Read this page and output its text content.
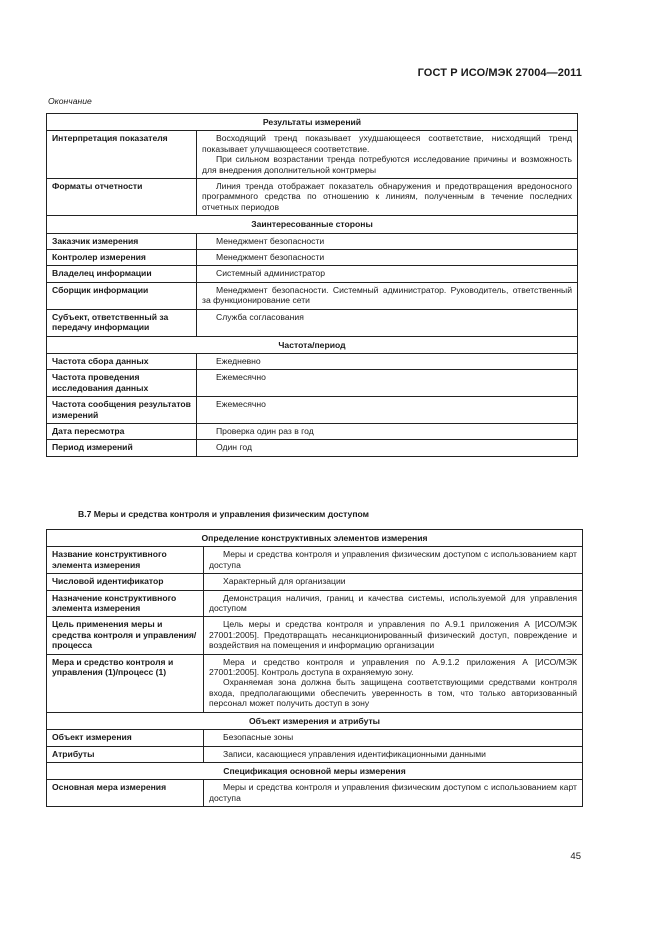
ГОСТ Р ИСО/МЭК 27004—2011
Окончание
Результаты измерений	
Интерпретация показателя	Восходящий тренд показывает ухудшающееся соответствие, нисходящий тренд показывает улучшающееся соответствие.

При сильном возрастании тренда потребуются исследование причины и возможность для внедрения дополнительной контрмеры

Форматы отчетности	Линия тренда отображает показатель обнаружения и предотвращения вредоносного программного средства по отношению к линиям, полученным в течение последних отчетных периодов
Заинтересованные стороны	
Заказчик измерения	Менеджмент безопасности
Контролер измерения	Менеджмент безопасности
Владелец информации	Системный администратор
Сборщик информации	Менеджмент безопасности. Системный администратор. Руководитель, ответственный за функционирование сети
Субъект, ответственный за передачу информации	Служба согласования
Частота/период	
Частота сбора данных	Ежедневно
Частота проведения исследования данных	Ежемесячно
Частота сообщения результатов измерений	Ежемесячно
Дата пересмотра	Проверка один раз в год
Период измерений	Один год
В.7 Меры и средства контроля и управления физическим доступом
Определение конструктивных элементов измерения	
Название конструктивного элемента измерения	Меры и средства контроля и управления физическим доступом с использованием карт доступа
Числовой идентификатор	Характерный для организации
Назначение конструктивного элемента измерения	Демонстрация наличия, границ и качества системы, используемой для управления доступом
Цель применения меры и средства контроля и управления/процесса	Цель меры и средства контроля и управления по А.9.1 приложения А [ИСО/МЭК 27001:2005]. Предотвращать несанкционированный физический доступ, повреждение и воздействия на помещения и информацию организации
Мера и средство контроля и управления (1)/процесс (1)	Мера и средство контроля и управления по А.9.1.2 приложения А [ИСО/МЭК 27001:2005]. Контроль доступа в охраняемую зону.

Охраняемая зона должна быть защищена соответствующими средствами контроля входа, предполагающими обеспечить уверенность в том, что только авторизованный персонал может получить доступ в зону

Объект измерения и атрибуты	
Объект измерения	Безопасные зоны
Атрибуты	Записи, касающиеся управления идентификационными данными
Спецификация основной меры измерения	
Основная мера измерения	Меры и средства контроля и управления физическим доступом с использованием карт доступа
45
